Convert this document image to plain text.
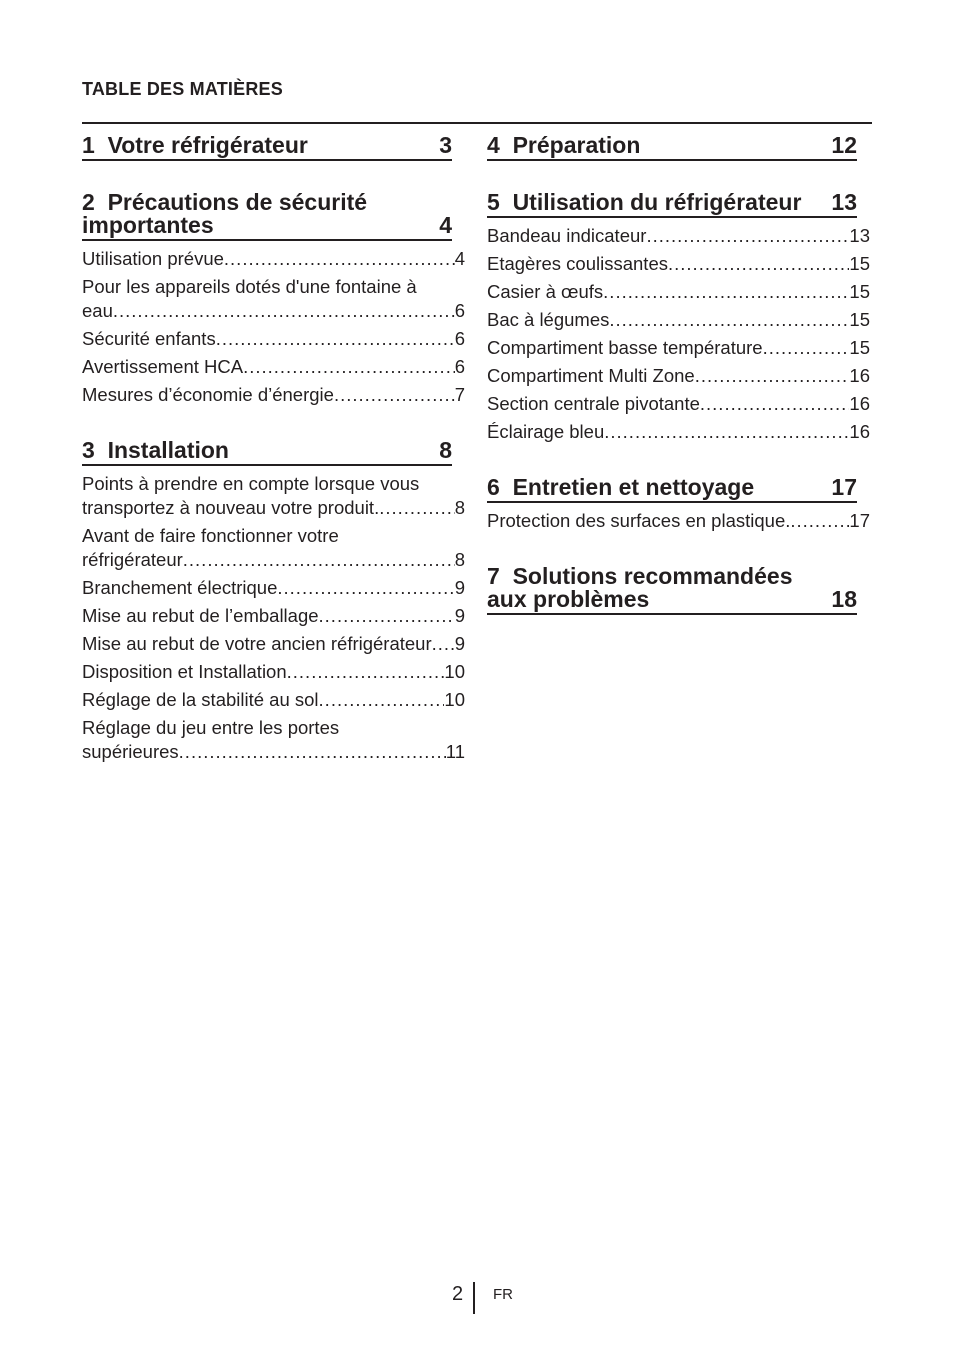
TABLE DES MATIÈRES
1  Votre réfrigérateur	3
2  Précautions de sécurité importantes	4
Utilisation prévue .....	4
Pour les appareils dotés d'une fontaine à
eau .....	6
Sécurité enfants .....	6
Avertissement HCA .....	6
Mesures d’économie d’énergie .....	7
3  Installation	8
Points à prendre en compte lorsque vous
transportez à nouveau votre produit. .....	8
Avant de faire fonctionner votre
réfrigérateur .....	8
Branchement électrique .....	9
Mise au rebut de l’emballage .....	9
Mise au rebut de votre ancien réfrigérateur ..... 9
Disposition et Installation .....	10
Réglage de la stabilité au sol .....	10
Réglage du jeu entre les portes
supérieures .....	11
4  Préparation	12
5  Utilisation du réfrigérateur 13
Bandeau indicateur .....	13
Etagères coulissantes .....	15
Casier à œufs .....	15
Bac à légumes .....	15
Compartiment basse température .....	15
Compartiment Multi Zone .....	16
Section centrale pivotante .....	16
Éclairage bleu .....	16
6  Entretien et nettoyage	17
Protection des surfaces en plastique. .....	17
7  Solutions recommandées aux problèmes	18
2 FR
